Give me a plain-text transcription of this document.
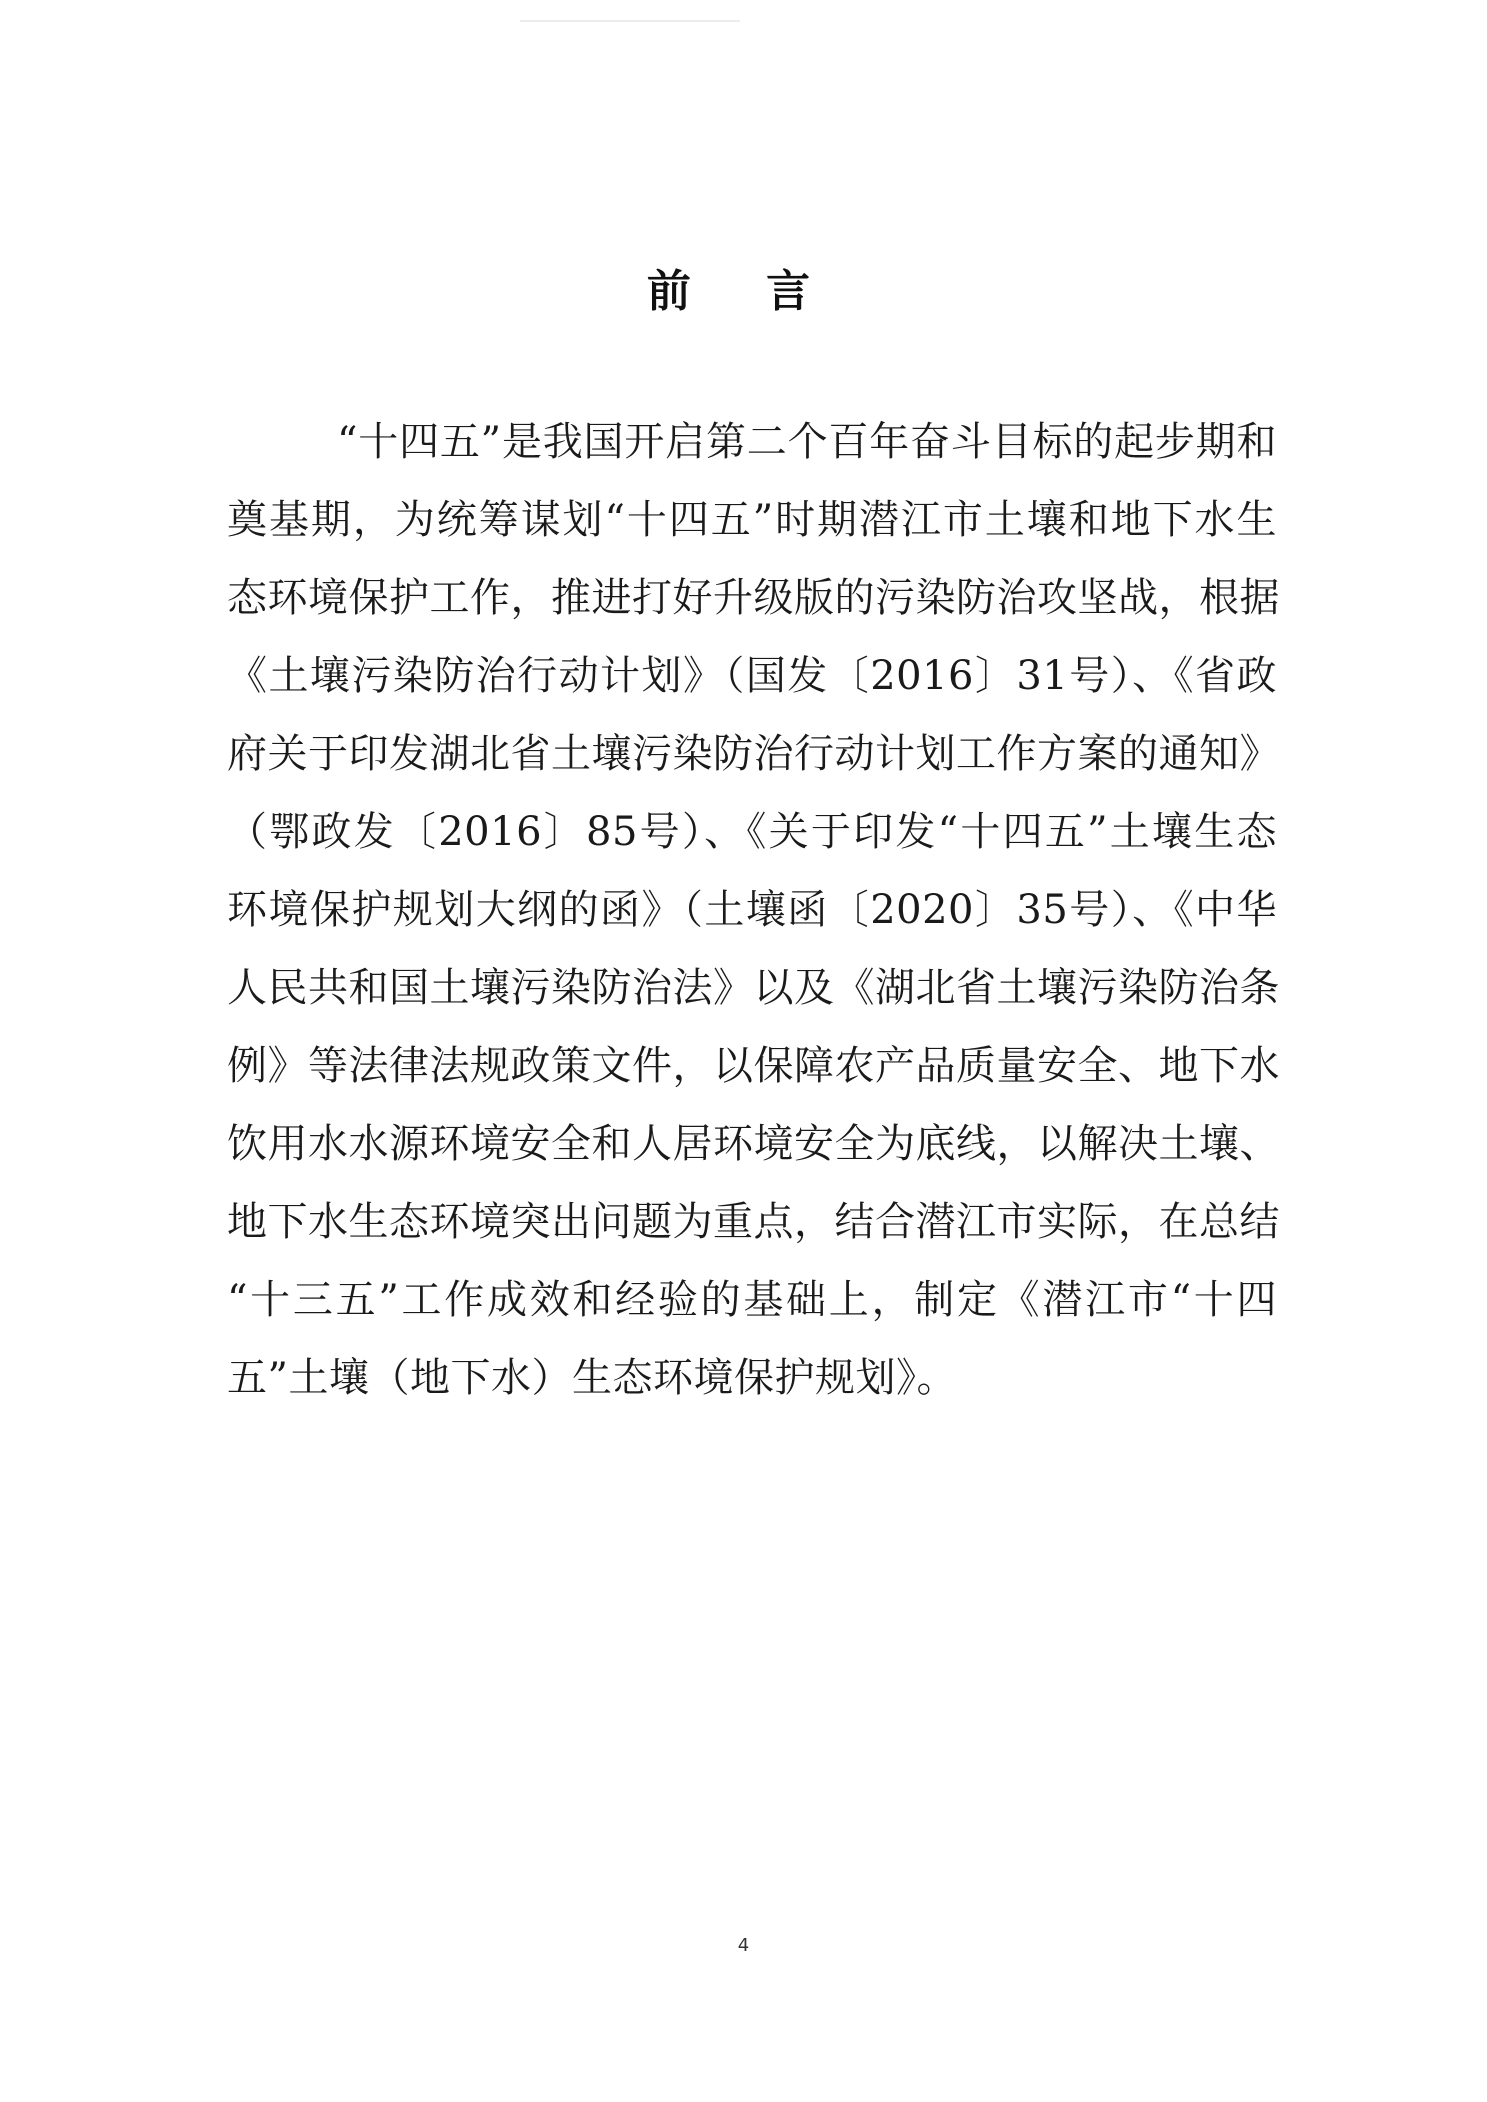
前 言
“十四五”是我国开启第二个百年奋斗目标的起步期和
奠基期，为统筹谋划“十四五”时期潜江市土壤和地下水生
态环境保护工作，推进打好升级版的污染防治攻坚战，根据
《土壤污染防治行动计划》（国发〔2016〕31号）、《省政
府关于印发湖北省土壤污染防治行动计划工作方案的通知》
（鄂政发〔2016〕85号）、《关于印发“十四五”土壤生态
环境保护规划大纲的函》（土壤函〔2020〕35号）、《中华
人民共和国土壤污染防治法》以及《湖北省土壤污染防治条
例》等法律法规政策文件，以保障农产品质量安全、地下水
饮用水水源环境安全和人居环境安全为底线，以解决土壤、
地下水生态环境突出问题为重点，结合潜江市实际，在总结
“十三五”工作成效和经验的基础上，制定《潜江市“十四
五”土壤（地下水）生态环境保护规划》。
4
